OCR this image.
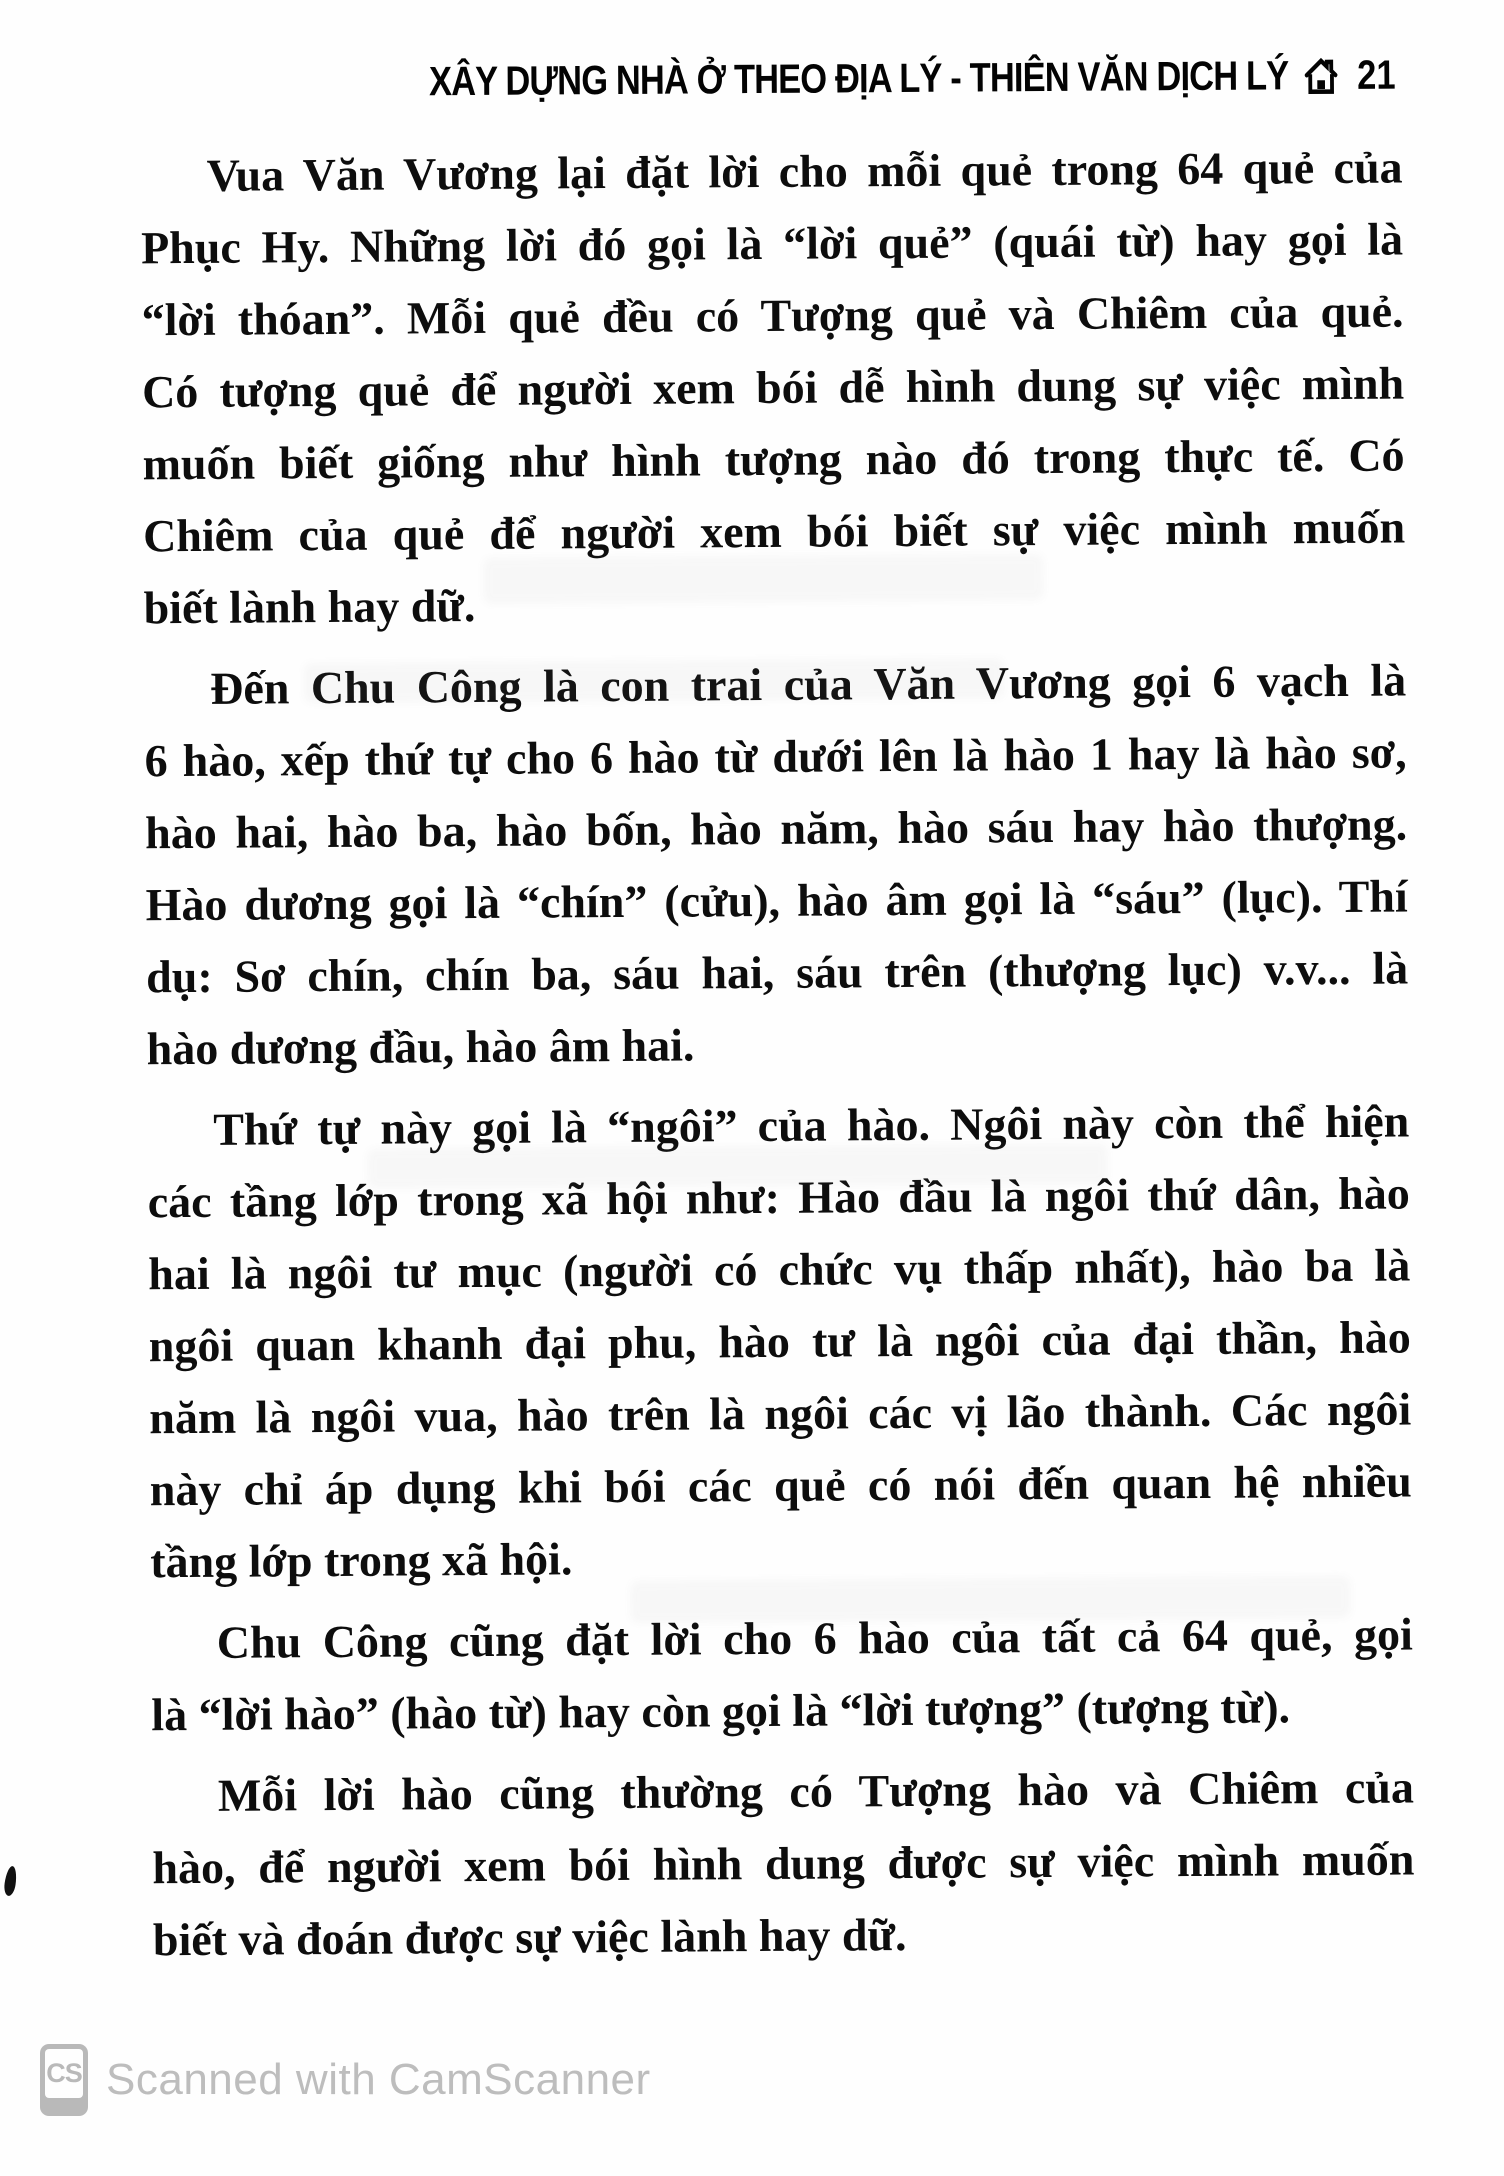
XÂY DỰNG NHÀ Ở THEO ĐỊA LÝ - THIÊN VĂN DỊCH LÝ 21
Vua Văn Vương lại đặt lời cho mỗi quẻ trong 64 quẻ của
Phục Hy. Những lời đó gọi là “lời quẻ” (quái từ) hay gọi là
“lời thóan”. Mỗi quẻ đều có Tượng quẻ và Chiêm của quẻ.
Có tượng quẻ để người xem bói dễ hình dung sự việc mình
muốn biết giống như hình tượng nào đó trong thực tế. Có
Chiêm của quẻ để người xem bói biết sự việc mình muốn
biết lành hay dữ.
Đến Chu Công là con trai của Văn Vương gọi 6 vạch là
6 hào, xếp thứ tự cho 6 hào từ dưới lên là hào 1 hay là hào sơ,
hào hai, hào ba, hào bốn, hào năm, hào sáu hay hào thượng.
Hào dương gọi là “chín” (cửu), hào âm gọi là “sáu” (lục). Thí
dụ: Sơ chín, chín ba, sáu hai, sáu trên (thượng lục) v.v... là
hào dương đầu, hào âm hai.
Thứ tự này gọi là “ngôi” của hào. Ngôi này còn thể hiện
các tầng lớp trong xã hội như: Hào đầu là ngôi thứ dân, hào
hai là ngôi tư mục (người có chức vụ thấp nhất), hào ba là
ngôi quan khanh đại phu, hào tư là ngôi của đại thần, hào
năm là ngôi vua, hào trên là ngôi các vị lão thành. Các ngôi
này chỉ áp dụng khi bói các quẻ có nói đến quan hệ nhiều
tầng lớp trong xã hội.
Chu Công cũng đặt lời cho 6 hào của tất cả 64 quẻ, gọi
là “lời hào” (hào từ) hay còn gọi là “lời tượng” (tượng từ).
Mỗi lời hào cũng thường có Tượng hào và Chiêm của
hào, để người xem bói hình dung được sự việc mình muốn
biết và đoán được sự việc lành hay dữ.
CS Scanned with CamScanner
